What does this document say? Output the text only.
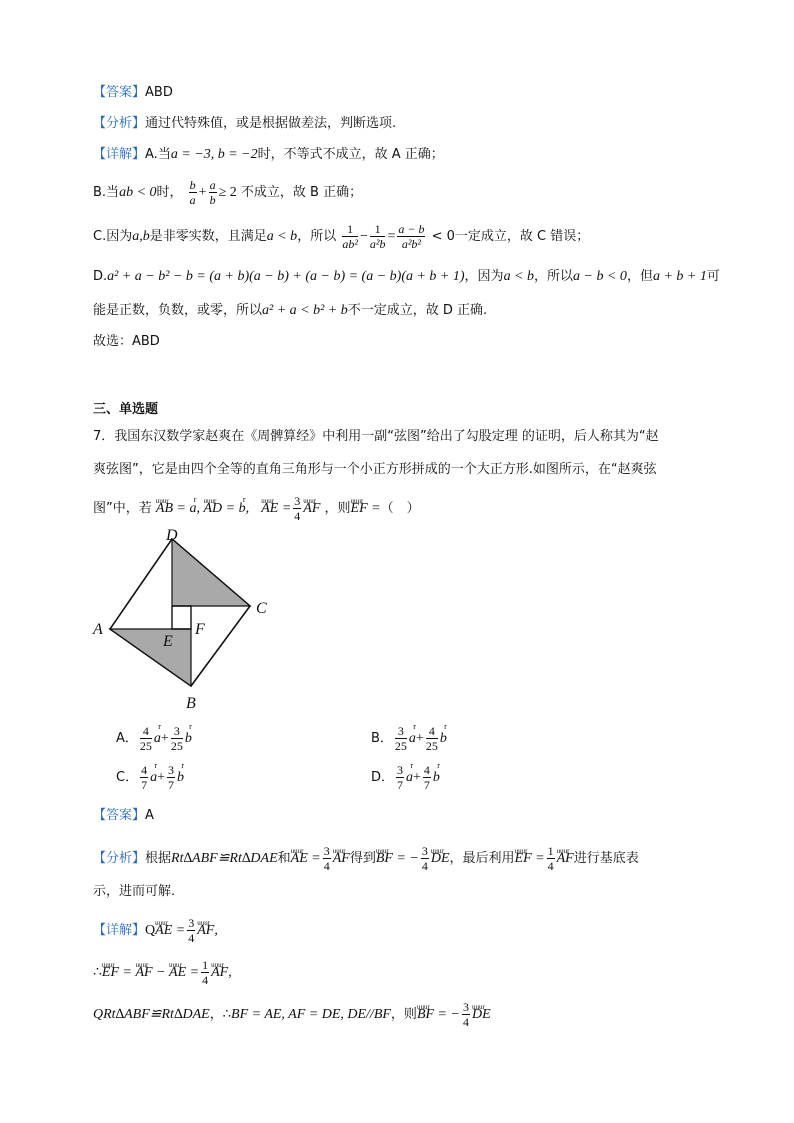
【答案】ABD
【分析】通过代特殊值，或是根据做差法，判断选项.
【详解】A.当a = −3, b = −2时，不等式不成立，故 A 正确；
B.当ab < 0时， $\frac{b}{a} + \frac{a}{b} \ge 2$ 不成立，故 B 正确；
C.因为a,b是非零实数，且满足a < b，所以 $\frac{1}{\text{ab²}} - \frac{1}{\text{a²b}} = \frac{a - b}{\text{a²b²}} < 0$一定成立，故 C 错误；
D.a² + a − b² − b = (a + b)(a − b) + (a − b) = (a − b)(a + b + 1)，因为a < b，所以a − b < 0，但a + b + 1可
能是正数，负数，或零，所以a² + a < b² + b不一定成立，故 D 正确.
故选：ABD
三、单选题
7．我国东汉数学家赵爽在《周髀算经》中利用一副“弦图”给出了勾股定理 的证明，后人称其为“赵
爽弦图”，它是由四个全等的直角三角形与一个小正方形拼成的一个大正方形.如图所示，在“赵爽弦
图”中，若 uuur AB = r a, uuur AD = r b, uuur AE = $\frac{3}{4}$ uuur AF ，则uuur EF =（　）
D
C
A
E
F
B
A． $\frac{4}{25}$ r $a+ \frac{3}{25}$ r b	B． $\frac{3}{25}$ r $a+ \frac{4}{25}$ r b
C． $\frac{4}{7}$ r $a+ \frac{3}{7}$ r b	D． $\frac{3}{7}$ r $a+ \frac{4}{7}$ r b
【答案】A
【分析】根据Rt∆ABF≌Rt∆DAE和uuur AE = $\frac{3}{4}$ uuur AF得到uuur BF = − $\frac{3}{4}$ uuur DE，最后利用uuur EF = $\frac{1}{4}$ uuur AF进行基底表
示，进而可解.
【详解】Quuur AE = $\frac{3}{4}$ uuur AF,
∴uuur EF = uuur AF − uuur AE = $\frac{1}{4}$ uuur AF,
QRt∆ABF≌Rt∆DAE，∴BF = AE, AF = DE, DE//BF，则uuur BF = − $\frac{3}{4}$ uuur DE
